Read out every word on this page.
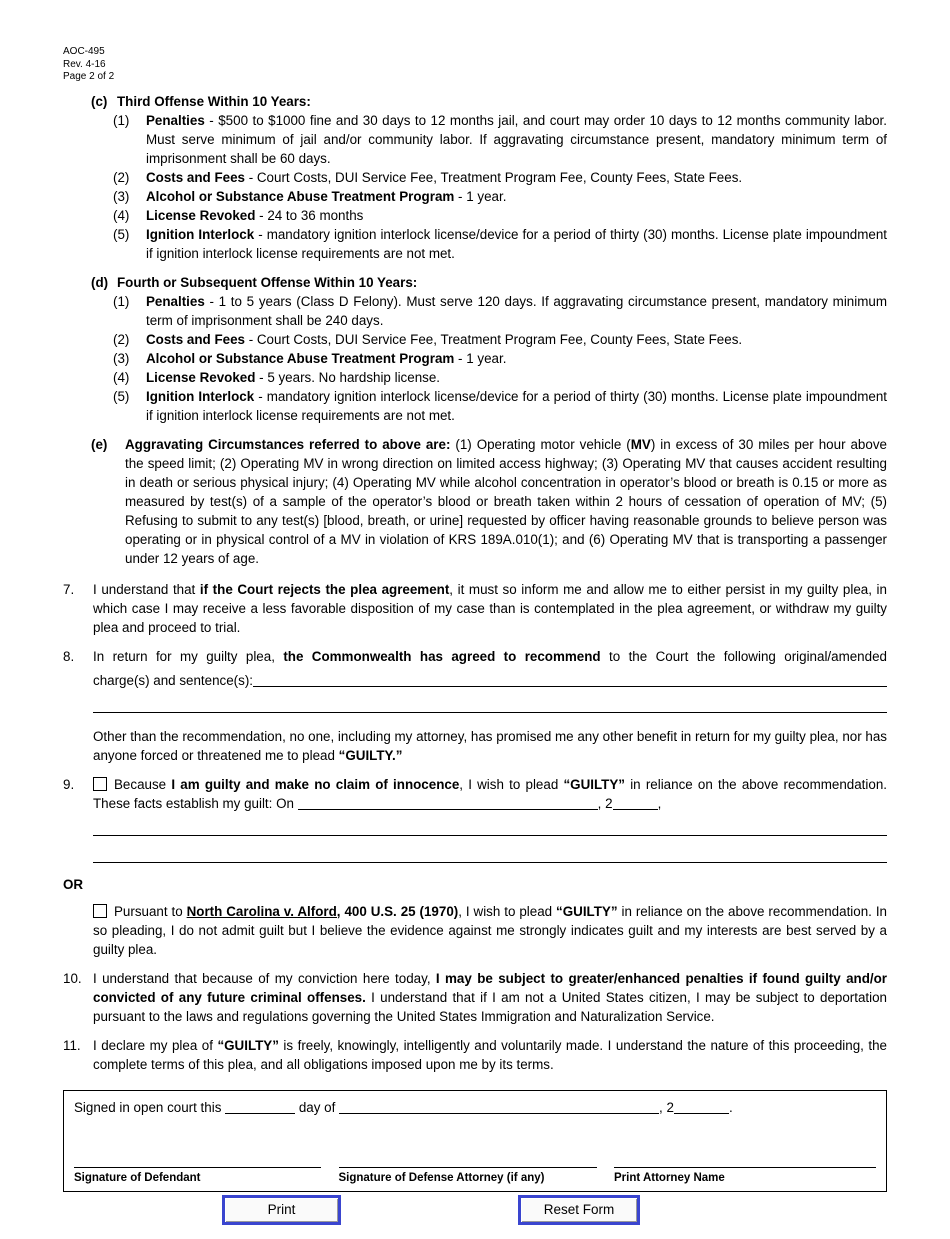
AOC-495
Rev. 4-16
Page 2 of 2
(c) Third Offense Within 10 Years:
(1)	Penalties - $500 to $1000 fine and 30 days to 12 months jail, and court may order 10 days to 12 months community labor. Must serve minimum of jail and/or community labor. If aggravating circumstance present, mandatory minimum term of imprisonment shall be 60 days.
(2)	Costs and Fees - Court Costs, DUI Service Fee, Treatment Program Fee, County Fees, State Fees.
(3)	Alcohol or Substance Abuse Treatment Program - 1 year.
(4)	License Revoked - 24 to 36 months
(5)	Ignition Interlock - mandatory ignition interlock license/device for a period of thirty (30) months. License plate impoundment if ignition interlock license requirements are not met.
(d) Fourth or Subsequent Offense Within 10 Years:
(1)	Penalties - 1 to 5 years (Class D Felony). Must serve 120 days. If aggravating circumstance present, mandatory minimum term of imprisonment shall be 240 days.
(2)	Costs and Fees - Court Costs, DUI Service Fee, Treatment Program Fee, County Fees, State Fees.
(3)	Alcohol or Substance Abuse Treatment Program - 1 year.
(4)	License Revoked - 5 years. No hardship license.
(5)	Ignition Interlock - mandatory ignition interlock license/device for a period of thirty (30) months. License plate impoundment if ignition interlock license requirements are not met.
(e)	Aggravating Circumstances referred to above are: (1) Operating motor vehicle (MV) in excess of 30 miles per hour above the speed limit; (2) Operating MV in wrong direction on limited access highway; (3) Operating MV that causes accident resulting in death or serious physical injury; (4) Operating MV while alcohol concentration in operator’s blood or breath is 0.15 or more as measured by test(s) of a sample of the operator’s blood or breath taken within 2 hours of cessation of operation of MV; (5) Refusing to submit to any test(s) [blood, breath, or urine] requested by officer having reasonable grounds to believe person was operating or in physical control of a MV in violation of KRS 189A.010(1); and (6) Operating MV that is transporting a passenger under 12 years of age.
7.	I understand that if the Court rejects the plea agreement, it must so inform me and allow me to either persist in my guilty plea, in which case I may receive a less favorable disposition of my case than is contemplated in the plea agreement, or withdraw my guilty plea and proceed to trial.
8.	In return for my guilty plea, the Commonwealth has agreed to recommend to the Court the following original/amended
charge(s) and sentence(s):
Other than the recommendation, no one, including my attorney, has promised me any other benefit in return for my guilty plea, nor has anyone forced or threatened me to plead “GUILTY.”
9.	Because I am guilty and make no claim of innocence, I wish to plead “GUILTY” in reliance on the above recommendation. These facts establish my guilt: On	, 2	,
OR
Pursuant to North Carolina v. Alford, 400 U.S. 25 (1970), I wish to plead “GUILTY” in reliance on the above recommendation. In so pleading, I do not admit guilt but I believe the evidence against me strongly indicates guilt and my interests are best served by a guilty plea.
10. I understand that because of my conviction here today, I may be subject to greater/enhanced penalties if found guilty and/or convicted of any future criminal offenses. I understand that if I am not a United States citizen, I may be subject to deportation pursuant to the laws and regulations governing the United States Immigration and Naturalization Service.
11. I declare my plea of “GUILTY” is freely, knowingly, intelligently and voluntarily made. I understand the nature of this proceeding, the complete terms of this plea, and all obligations imposed upon me by its terms.
Signed in open court this	day of	, 2	.
Signature of Defendant	Signature of Defense Attorney (if any)	Print Attorney Name
Print	Reset Form
